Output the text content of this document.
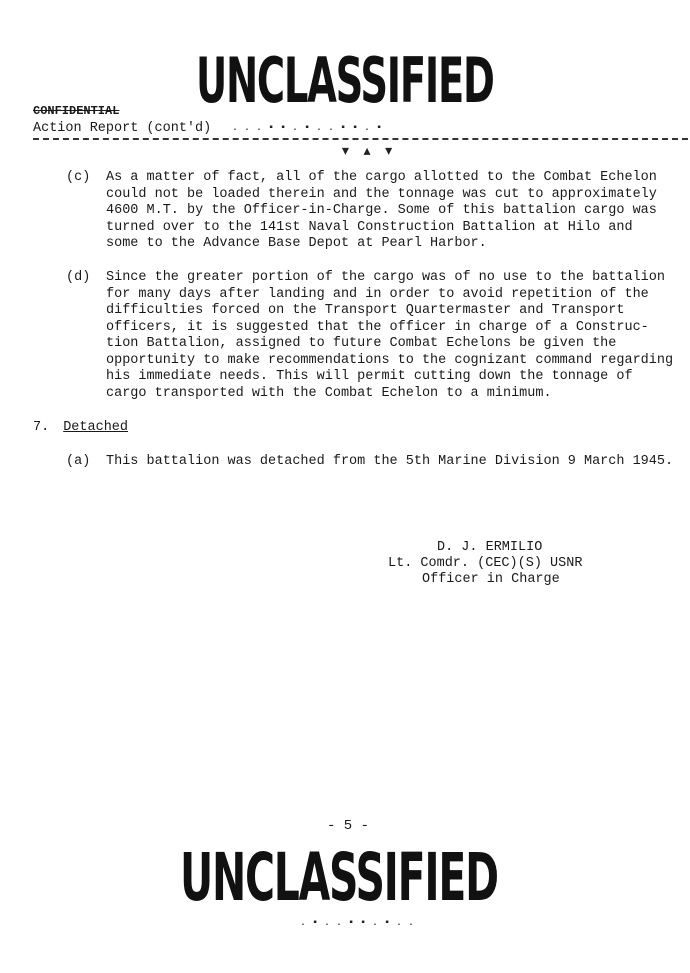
UNCLASSIFIED
CONFIDENTIAL
Action Report (cont'd) . . . ▪ ▪ . ▪ . . ▪ ▪ . ▪
▾ ▴ ▾
(c) As a matter of fact, all of the cargo allotted to the Combat Echelon
could not be loaded therein and the tonnage was cut to approximately
4600 M.T. by the Officer-in-Charge. Some of this battalion cargo was
turned over to the 141st Naval Construction Battalion at Hilo and
some to the Advance Base Depot at Pearl Harbor.
(d) Since the greater portion of the cargo was of no use to the battalion
for many days after landing and in order to avoid repetition of the
difficulties forced on the Transport Quartermaster and Transport
officers, it is suggested that the officer in charge of a Construc-
tion Battalion, assigned to future Combat Echelons be given the
opportunity to make recommendations to the cognizant command regarding
his immediate needs. This will permit cutting down the tonnage of
cargo transported with the Combat Echelon to a minimum.
7. Detached
(a) This battalion was detached from the 5th Marine Division 9 March 1945.
D. J. ERMILIO
Lt. Comdr. (CEC)(S) USNR
Officer in Charge
- 5 -
UNCLASSIFIED
. ▪ . . ▪ ▪ . ▪ . .
